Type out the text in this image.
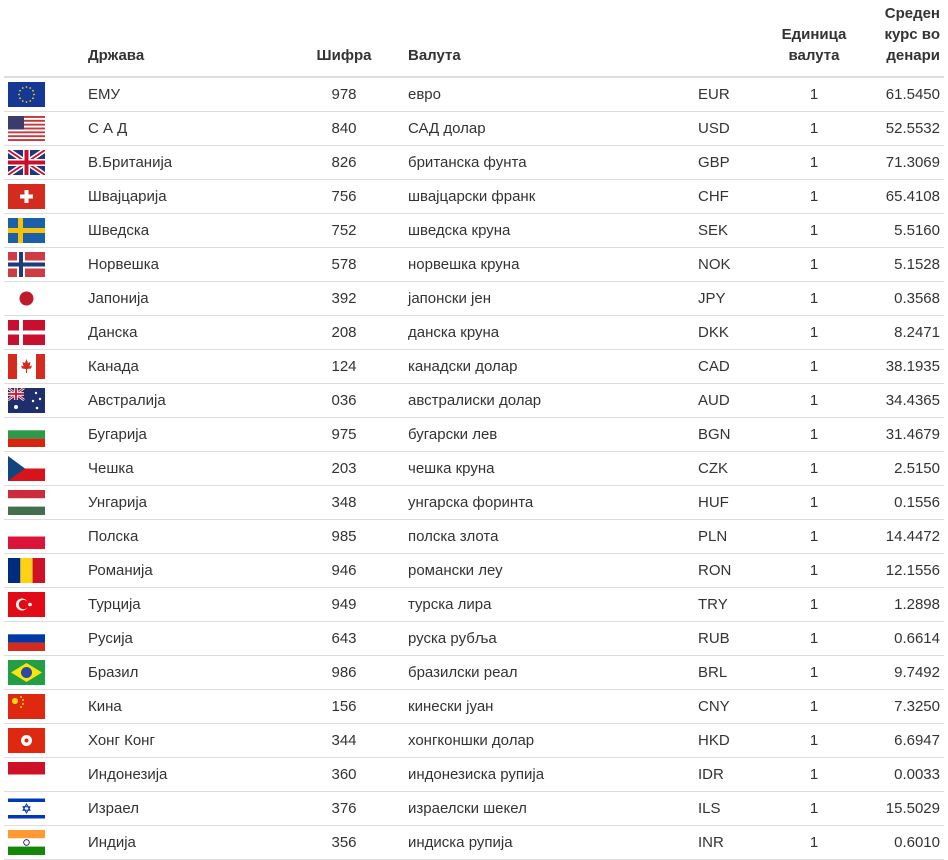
	Држава	Шифра	Валута		Единица
валута	Среден
курс во
денари

	ЕМУ	978	евро	EUR	1	61.5450

	С А Д	840	САД долар	USD	1	52.5532

	В.Британија	826	британска фунта	GBP	1	71.3069

	Швајцарија	756	швајцарски франк	CHF	1	65.4108

	Шведска	752	шведска круна	SEK	1	5.5160

	Норвешка	578	норвешка круна	NOK	1	5.1528

	Јапонија	392	јапонски јен	JPY	1	0.3568

	Данска	208	данска круна	DKK	1	8.2471

	Канада	124	канадски долар	CAD	1	38.1935

	Австралија	036	австралиски долар	AUD	1	34.4365

	Бугарија	975	бугарски лев	BGN	1	31.4679

	Чешка	203	чешка круна	CZK	1	2.5150

	Унгарија	348	унгарска форинта	HUF	1	0.1556

	Полска	985	полска злота	PLN	1	14.4472

	Романија	946	романски леу	RON	1	12.1556

	Турција	949	турска лира	TRY	1	1.2898

	Русија	643	руска рубља	RUB	1	0.6614

	Бразил	986	бразилски реал	BRL	1	9.7492

	Кина	156	кинески јуан	CNY	1	7.3250

	Хонг Конг	344	хонгконшки долар	HKD	1	6.6947

	Индонезија	360	индонезиска рупија	IDR	1	0.0033

	Израел	376	израелски шекел	ILS	1	15.5029

	Индија	356	индиска рупија	INR	1	0.6010
